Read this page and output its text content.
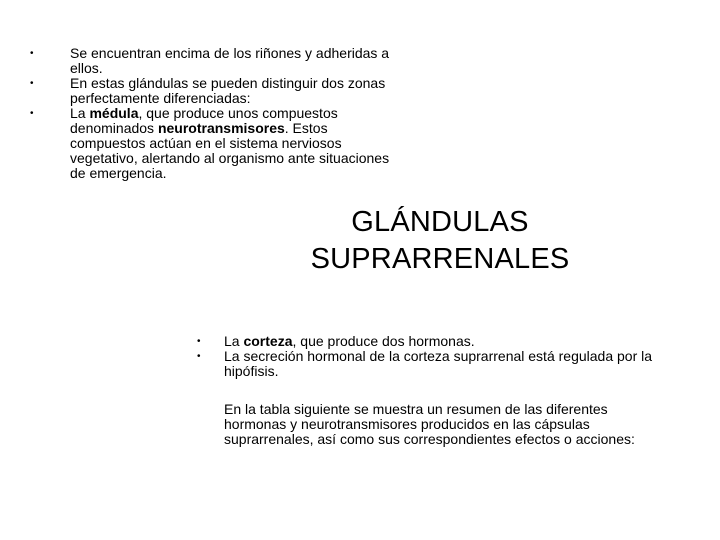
•	Se encuentran encima de los riñones y adheridas a ellos.
•	En estas glándulas se pueden distinguir dos zonas perfectamente diferenciadas:
•	La médula, que produce unos compuestos denominados neurotransmisores. Estos compuestos actúan en el sistema nerviosos vegetativo, alertando al organismo ante situaciones de emergencia.
GLÁNDULAS
SUPRARRENALES
• La corteza, que produce dos hormonas.
• La secreción hormonal de la corteza suprarrenal está regulada por la hipófisis.

En la tabla siguiente se muestra un resumen de las diferentes hormonas y neurotransmisores producidos en las cápsulas suprarrenales, así como sus correspondientes efectos o acciones:
